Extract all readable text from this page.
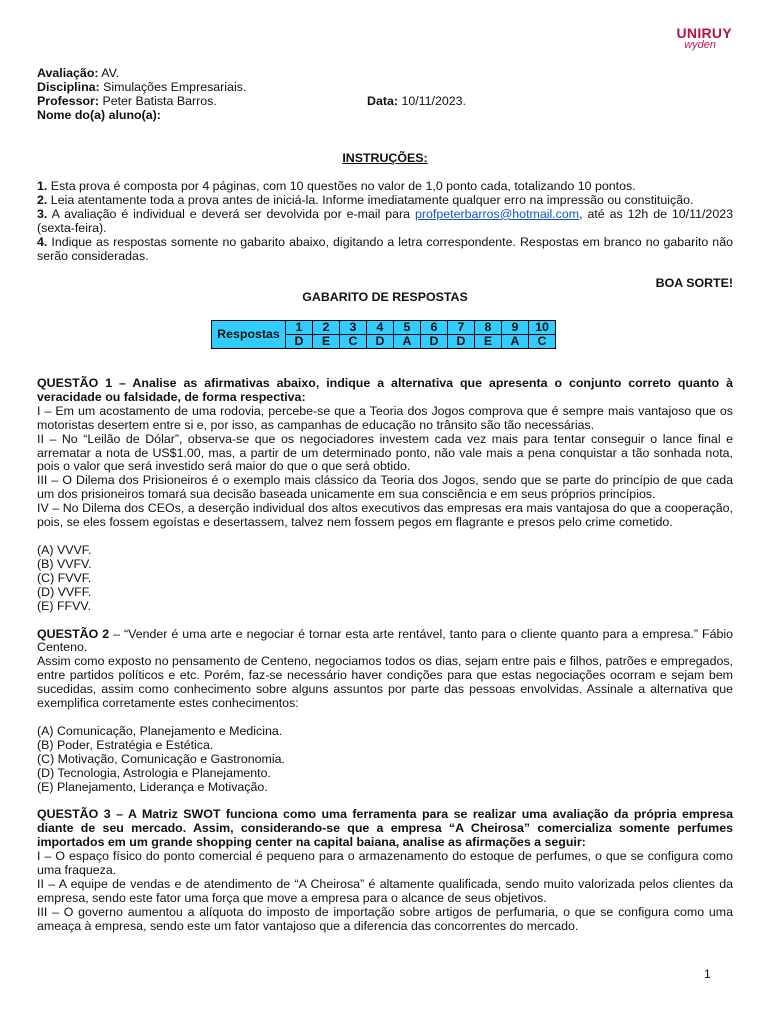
UNIRUY
wyden
Avaliação: AV.
Disciplina: Simulações Empresariais.
Professor: Peter Batista Barros.	Data: 10/11/2023.
Nome do(a) aluno(a):
INSTRUÇÕES:

1. Esta prova é composta por 4 páginas, com 10 questões no valor de 1,0 ponto cada, totalizando 10 pontos.

2. Leia atentamente toda a prova antes de iniciá-la. Informe imediatamente qualquer erro na impressão ou constituição.

3. A avaliação é individual e deverá ser devolvida por e-mail para profpeterbarros@hotmail.com, até as 12h de 10/11/2023 (sexta-feira).

4. Indique as respostas somente no gabarito abaixo, digitando a letra correspondente. Respostas em branco no gabarito não serão consideradas.

BOA SORTE!
GABARITO DE RESPOSTAS
Respostas	1	2	3	4	5	6	7	8	9	10
	D	E	C	D	A	D	D	E	A	C

QUESTÃO 1 – Analise as afirmativas abaixo, indique a alternativa que apresenta o conjunto correto quanto à veracidade ou falsidade, de forma respectiva:

I – Em um acostamento de uma rodovia, percebe-se que a Teoria dos Jogos comprova que é sempre mais vantajoso que os motoristas desertem entre si e, por isso, as campanhas de educação no trânsito são tão necessárias.

II – No “Leilão de Dólar”, observa-se que os negociadores investem cada vez mais para tentar conseguir o lance final e arrematar a nota de US$1.00, mas, a partir de um determinado ponto, não vale mais a pena conquistar a tão sonhada nota, pois o valor que será investido será maior do que o que será obtido.

III – O Dilema dos Prisioneiros é o exemplo mais clássico da Teoria dos Jogos, sendo que se parte do princípio de que cada um dos prisioneiros tomará sua decisão baseada unicamente em sua consciência e em seus próprios princípios.

IV – No Dilema dos CEOs, a deserção individual dos altos executivos das empresas era mais vantajosa do que a cooperação, pois, se eles fossem egoístas e desertassem, talvez nem fossem pegos em flagrante e presos pelo crime cometido.

(A) VVVF.

(B) VVFV.

(C) FVVF.

(D) VVFF.

(E) FFVV.

QUESTÃO 2 – “Vender é uma arte e negociar é tornar esta arte rentável, tanto para o cliente quanto para a empresa.” Fábio Centeno.

Assim como exposto no pensamento de Centeno, negociamos todos os dias, sejam entre pais e filhos, patrões e empregados, entre partidos políticos e etc. Porém, faz-se necessário haver condições para que estas negociações ocorram e sejam bem sucedidas, assim como conhecimento sobre alguns assuntos por parte das pessoas envolvidas. Assinale a alternativa que exemplifica corretamente estes conhecimentos:

(A) Comunicação, Planejamento e Medicina.

(B) Poder, Estratégia e Estética.

(C) Motivação, Comunicação e Gastronomia.

(D) Tecnologia, Astrologia e Planejamento.

(E) Planejamento, Liderança e Motivação.

QUESTÃO 3 – A Matriz SWOT funciona como uma ferramenta para se realizar uma avaliação da própria empresa diante de seu mercado. Assim, considerando-se que a empresa “A Cheirosa” comercializa somente perfumes importados em um grande shopping center na capital baiana, analise as afirmações a seguir:

I – O espaço físico do ponto comercial é pequeno para o armazenamento do estoque de perfumes, o que se configura como uma fraqueza.

II – A equipe de vendas e de atendimento de “A Cheirosa” é altamente qualificada, sendo muito valorizada pelos clientes da empresa, sendo este fator uma força que move a empresa para o alcance de seus objetivos.

III – O governo aumentou a alíquota do imposto de importação sobre artigos de perfumaria, o que se configura como uma ameaça à empresa, sendo este um fator vantajoso que a diferencia das concorrentes do mercado.

1
